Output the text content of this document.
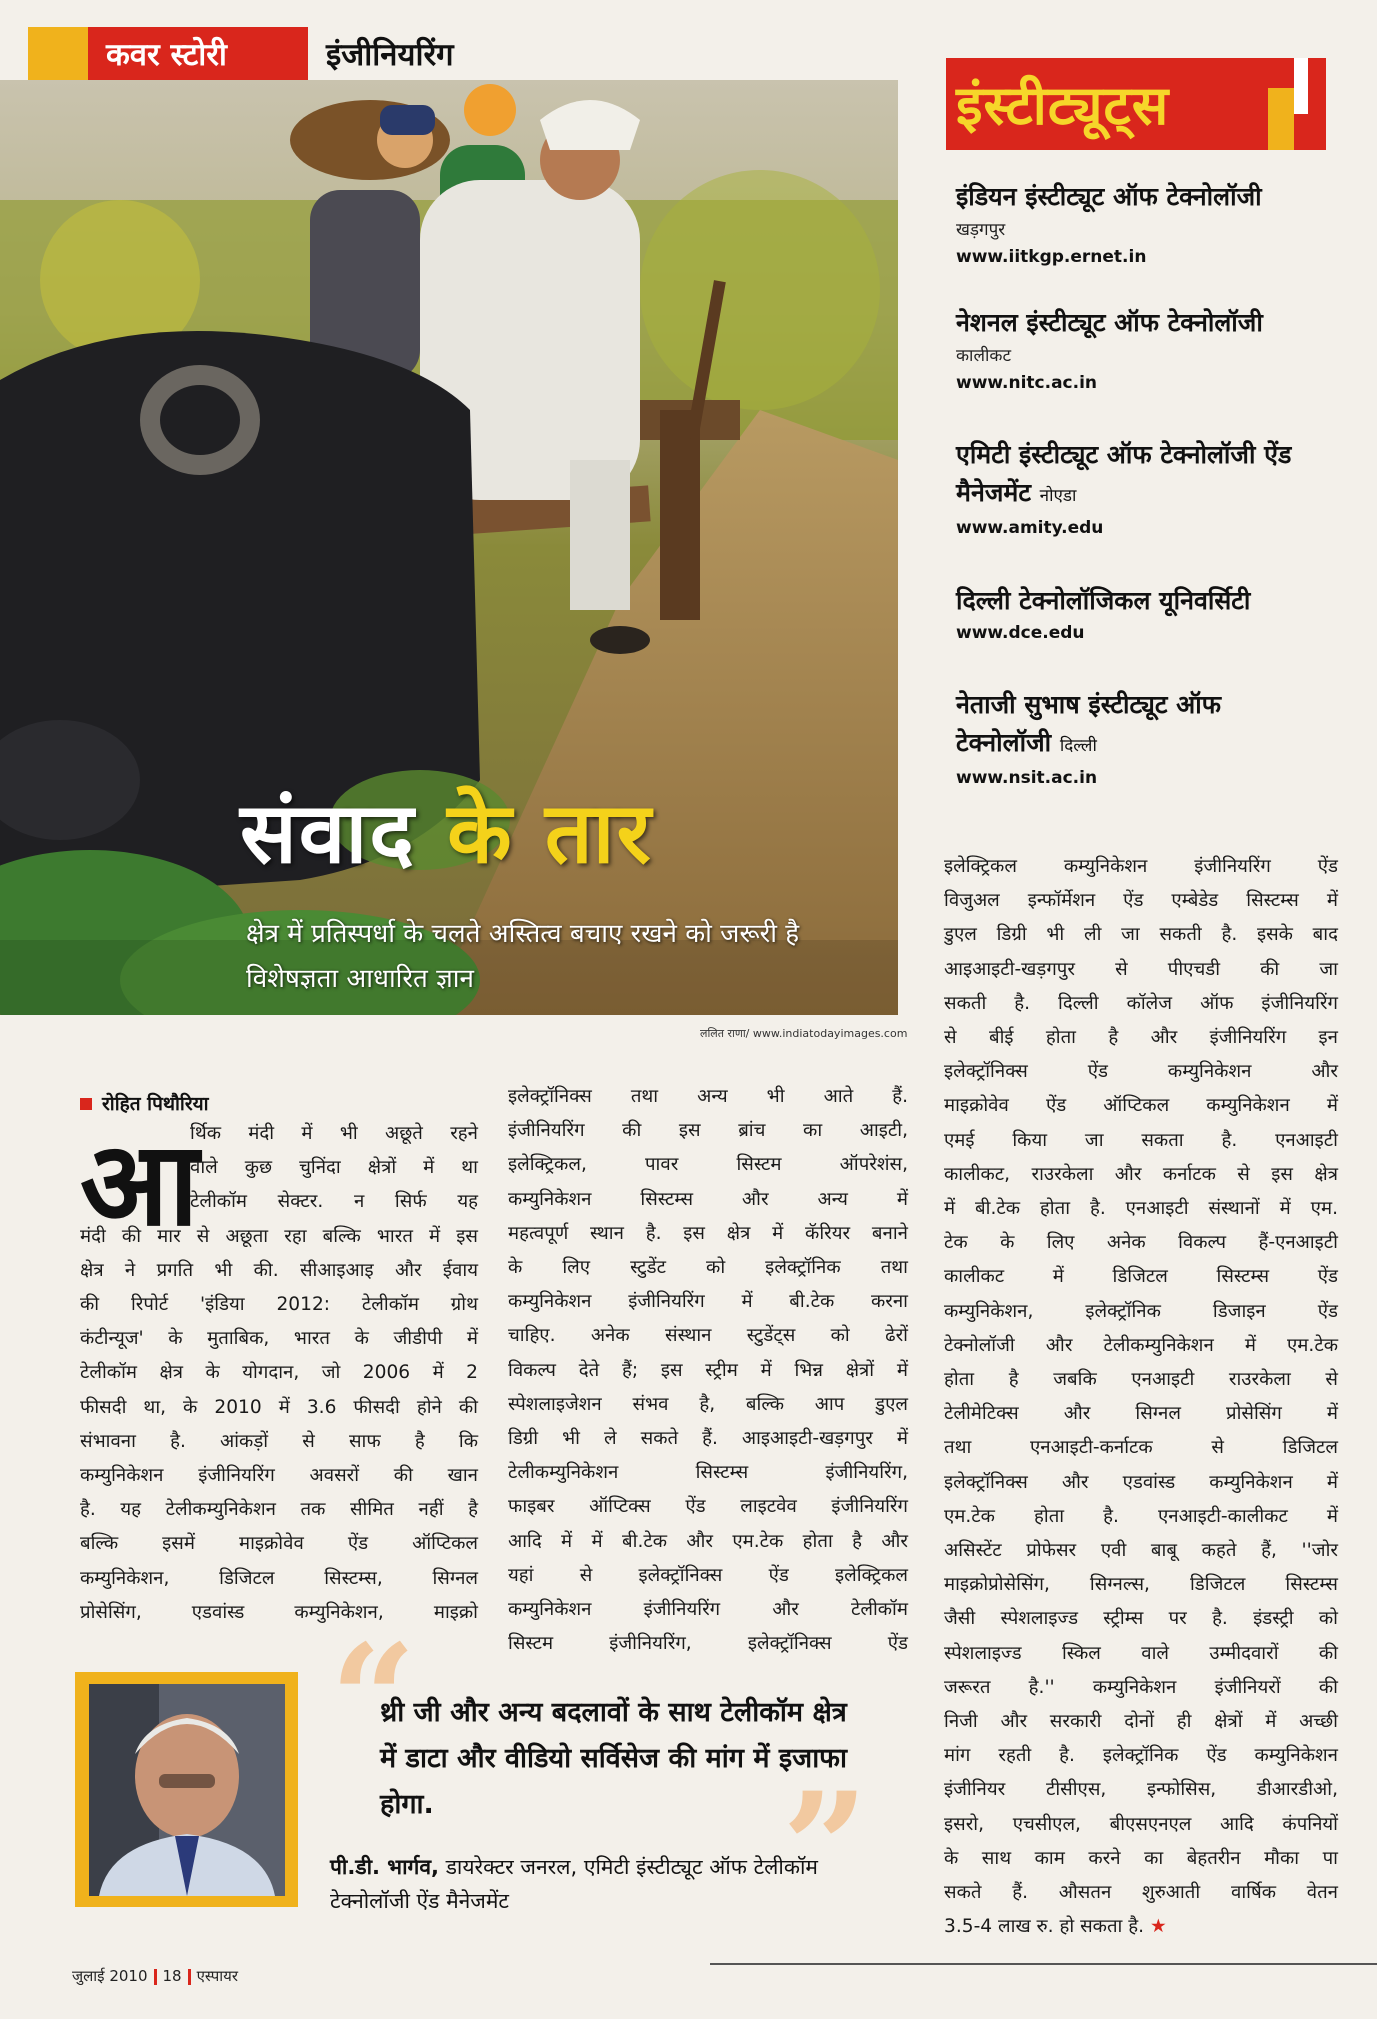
कवर स्टोरी	इंजीनियरिंग
संवाद के तार
क्षेत्र में प्रतिस्पर्धा के चलते अस्तित्व बचाए रखने को जरूरी है विशेषज्ञता आधारित ज्ञान
ललित राणा/ www.indiatodayimages.com
इंस्टीट्यूट्स
इंडियन इंस्टीट्यूट ऑफ टेक्नोलॉजी
खड़गपुर
www.iitkgp.ernet.in
नेशनल इंस्टीट्यूट ऑफ टेक्नोलॉजी
कालीकट
www.nitc.ac.in
एमिटी इंस्टीट्यूट ऑफ टेक्नोलॉजी ऐंड मैनेजमेंट नोएडा
www.amity.edu
दिल्ली टेक्नोलॉजिकल यूनिवर्सिटी
www.dce.edu
नेताजी सुभाष इंस्टीट्यूट ऑफ टेक्नोलॉजी दिल्ली
www.nsit.ac.in
रोहित पिथौरिया
आ

र्थिक मंदी में भी अछूते रहने

वाले कुछ चुनिंदा क्षेत्रों में था

टेलीकॉम सेक्टर. न सिर्फ यह

मंदी की मार से अछूता रहा बल्कि भारत में इस

क्षेत्र ने प्रगति भी की. सीआइआइ और ईवाय

की रिपोर्ट 'इंडिया 2012: टेलीकॉम ग्रोथ

कंटीन्यूज' के मुताबिक, भारत के जीडीपी में

टेलीकॉम क्षेत्र के योगदान, जो 2006 में 2

फीसदी था, के 2010 में 3.6 फीसदी होने की

संभावना है. आंकड़ों से साफ है कि

कम्युनिकेशन इंजीनियरिंग अवसरों की खान

है. यह टेलीकम्युनिकेशन तक सीमित नहीं है

बल्कि इसमें माइक्रोवेव ऐंड ऑप्टिकल

कम्युनिकेशन, डिजिटल सिस्टम्स, सिग्नल

प्रोसेसिंग, एडवांस्ड कम्युनिकेशन, माइक्रो

इलेक्ट्रॉनिक्स तथा अन्य भी आते हैं.

इंजीनियरिंग की इस ब्रांच का आइटी,

इलेक्ट्रिकल, पावर सिस्टम ऑपरेशंस,

कम्युनिकेशन सिस्टम्स और अन्य में

महत्वपूर्ण स्थान है. इस क्षेत्र में कॅरियर बनाने

के लिए स्टुडेंट को इलेक्ट्रॉनिक तथा

कम्युनिकेशन इंजीनियरिंग में बी.टेक करना

चाहिए. अनेक संस्थान स्टुडेंट्स को ढेरों

विकल्प देते हैं; इस स्ट्रीम में भिन्न क्षेत्रों में

स्पेशलाइजेशन संभव है, बल्कि आप डुएल

डिग्री भी ले सकते हैं. आइआइटी-खड़गपुर में

टेलीकम्युनिकेशन सिस्टम्स इंजीनियरिंग,

फाइबर ऑप्टिक्स ऐंड लाइटवेव इंजीनियरिंग

आदि में में बी.टेक और एम.टेक होता है और

यहां से इलेक्ट्रॉनिक्स ऐंड इलेक्ट्रिकल

कम्युनिकेशन इंजीनियरिंग और टेलीकॉम

सिस्टम इंजीनियरिंग, इलेक्ट्रॉनिक्स ऐंड

इलेक्ट्रिकल कम्युनिकेशन इंजीनियरिंग ऐंड

विजुअल इन्फॉर्मेशन ऐंड एम्बेडेड सिस्टम्स में

डुएल डिग्री भी ली जा सकती है. इसके बाद

आइआइटी-खड़गपुर से पीएचडी की जा

सकती है. दिल्ली कॉलेज ऑफ इंजीनियरिंग

से बीई होता है और इंजीनियरिंग इन

इलेक्ट्रॉनिक्स ऐंड कम्युनिकेशन और

माइक्रोवेव ऐंड ऑप्टिकल कम्युनिकेशन में

एमई किया जा सकता है. एनआइटी

कालीकट, राउरकेला और कर्नाटक से इस क्षेत्र

में बी.टेक होता है. एनआइटी संस्थानों में एम.

टेक के लिए अनेक विकल्प हैं-एनआइटी

कालीकट में डिजिटल सिस्टम्स ऐंड

कम्युनिकेशन, इलेक्ट्रॉनिक डिजाइन ऐंड

टेक्नोलॉजी और टेलीकम्युनिकेशन में एम.टेक

होता है जबकि एनआइटी राउरकेला से

टेलीमेटिक्स और सिग्नल प्रोसेसिंग में

तथा एनआइटी-कर्नाटक से डिजिटल

इलेक्ट्रॉनिक्स और एडवांस्ड कम्युनिकेशन में

एम.टेक होता है. एनआइटी-कालीकट में

असिस्टेंट प्रोफेसर एवी बाबू कहते हैं, ''जोर

माइक्रोप्रोसेसिंग, सिग्नल्स, डिजिटल सिस्टम्स

जैसी स्पेशलाइज्ड स्ट्रीम्स पर है. इंडस्ट्री को

स्पेशलाइज्ड स्किल वाले उम्मीदवारों की

जरूरत है.'' कम्युनिकेशन इंजीनियरों की

निजी और सरकारी दोनों ही क्षेत्रों में अच्छी

मांग रहती है. इलेक्ट्रॉनिक ऐंड कम्युनिकेशन

इंजीनियर टीसीएस, इन्फोसिस, डीआरडीओ,

इसरो, एचसीएल, बीएसएनएल आदि कंपनियों

के साथ काम करने का बेहतरीन मौका पा

सकते हैं. औसतन शुरुआती वार्षिक वेतन

3.5-4 लाख रु. हो सकता है. ★

“
”
थ्री जी और अन्य बदलावों के साथ टेलीकॉम क्षेत्र में डाटा और वीडियो सर्विसेज की मांग में इजाफा होगा.
पी.डी. भार्गव, डायरेक्टर जनरल, एमिटी इंस्टीट्यूट ऑफ टेलीकॉम टेक्नोलॉजी ऐंड मैनेजमेंट
जुलाई 2010 18 एस्पायर
